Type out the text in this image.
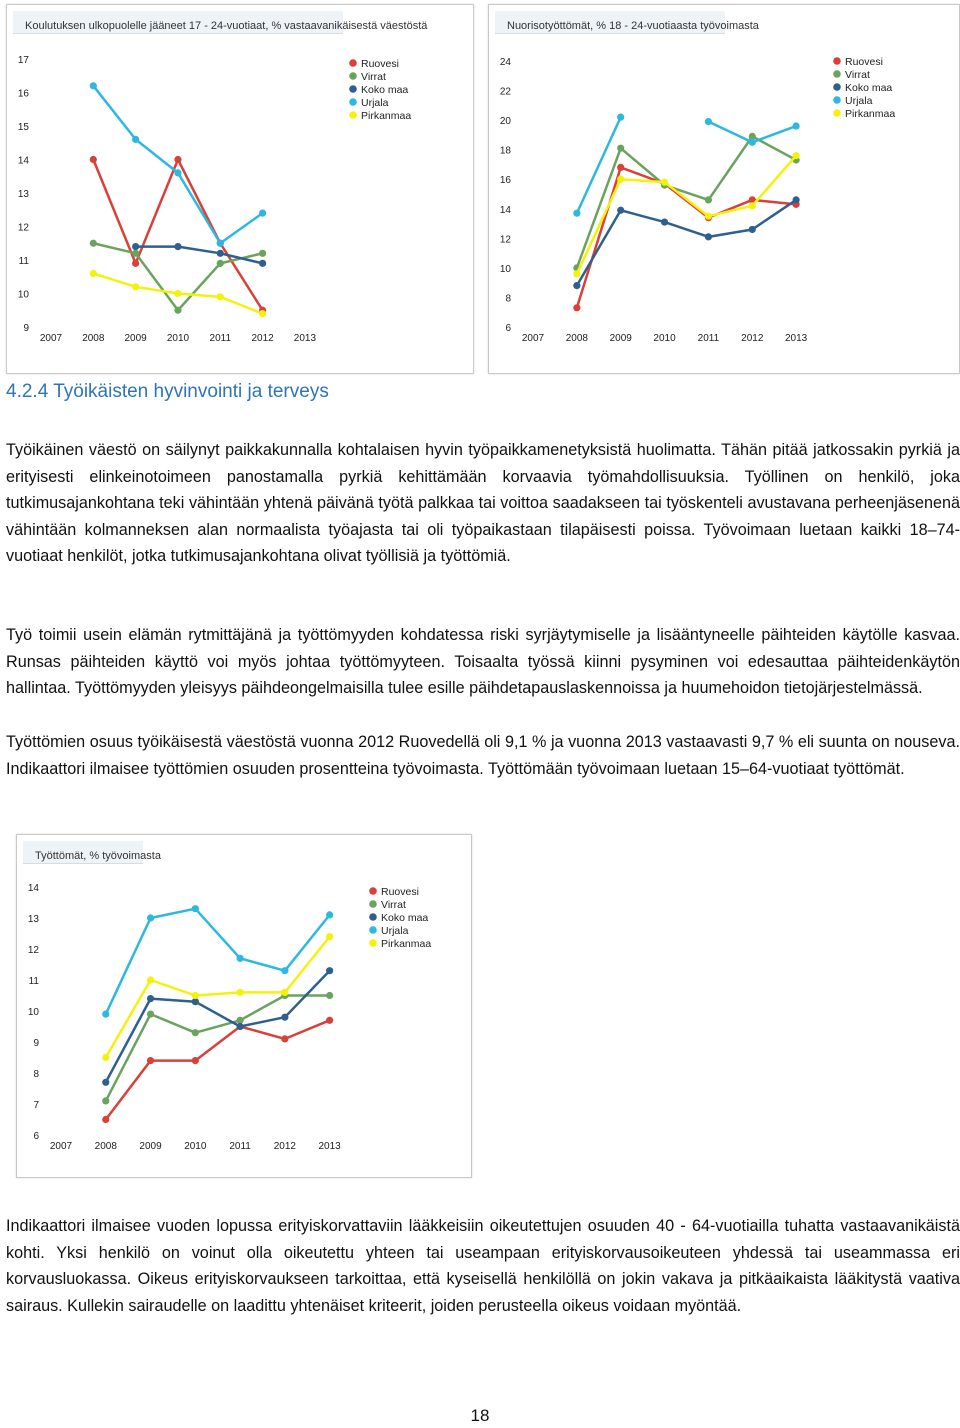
Koulutuksen ulkopuolelle jääneet 17 - 24-vuotiaat, % vastaavanikäisestä väestöstä
9
10
11
12
13
14
15
16
17
2007 2008 2009 2010 2011 2012 2013
Ruovesi
Virrat
Koko maa
Urjala
Pirkanmaa
Nuorisotyöttömät, % 18 - 24-vuotiaasta työvoimasta
6
8
10
12
14
16
18
20
22
24
2007 2008 2009 2010 2011 2012 2013
Ruovesi
Virrat
Koko maa
Urjala
Pirkanmaa
4.2.4 Työikäisten hyvinvointi ja terveys

Työikäinen väestö on säilynyt paikkakunnalla kohtalaisen hyvin työpaikkamenetyksistä huolimatta. Tähän pitää jatkossakin pyrkiä ja erityisesti elinkeinotoimeen panostamalla pyrkiä kehittämään korvaavia työmahdollisuuksia. Työllinen on henkilö, joka tutkimusajankohtana teki vähintään yhtenä päivänä työtä palkkaa tai voittoa saadakseen tai työskenteli avustavana perheenjäsenenä vähintään kolmanneksen alan normaalista työajasta tai oli työpaikastaan tilapäisesti poissa. Työvoimaan luetaan kaikki 18–74-vuotiaat henkilöt, jotka tutkimusajankohtana olivat työllisiä ja työttömiä.

Työ toimii usein elämän rytmittäjänä ja työttömyyden kohdatessa riski syrjäytymiselle ja lisääntyneelle päihteiden käytölle kasvaa. Runsas päihteiden käyttö voi myös johtaa työttömyyteen. Toisaalta työssä kiinni pysyminen voi edesauttaa päihteidenkäytön hallintaa. Työttömyyden yleisyys päihdeongelmaisilla tulee esille päihdetapauslaskennoissa ja huumehoidon tietojärjestelmässä.

Työttömien osuus työikäisestä väestöstä vuonna 2012 Ruovedellä oli 9,1 % ja vuonna 2013 vastaavasti 9,7 % eli suunta on nouseva. Indikaattori ilmaisee työttömien osuuden prosentteina työvoimasta. Työttömään työvoimaan luetaan 15–64-vuotiaat työttömät.

Työttömät, % työvoimasta
6
7
8
9
10
11
12
13
14
2007 2008 2009 2010 2011 2012 2013
Ruovesi
Virrat
Koko maa
Urjala
Pirkanmaa

Indikaattori ilmaisee vuoden lopussa erityiskorvattaviin lääkkeisiin oikeutettujen osuuden 40 - 64-vuotiailla tuhatta vastaavanikäistä kohti. Yksi henkilö on voinut olla oikeutettu yhteen tai useampaan erityiskorvausoikeuteen yhdessä tai useammassa eri korvausluokassa. Oikeus erityiskorvaukseen tarkoittaa, että kyseisellä henkilöllä on jokin vakava ja pitkäaikaista lääkitystä vaativa sairaus. Kullekin sairaudelle on laadittu yhtenäiset kriteerit, joiden perusteella oikeus voidaan myöntää.

18
